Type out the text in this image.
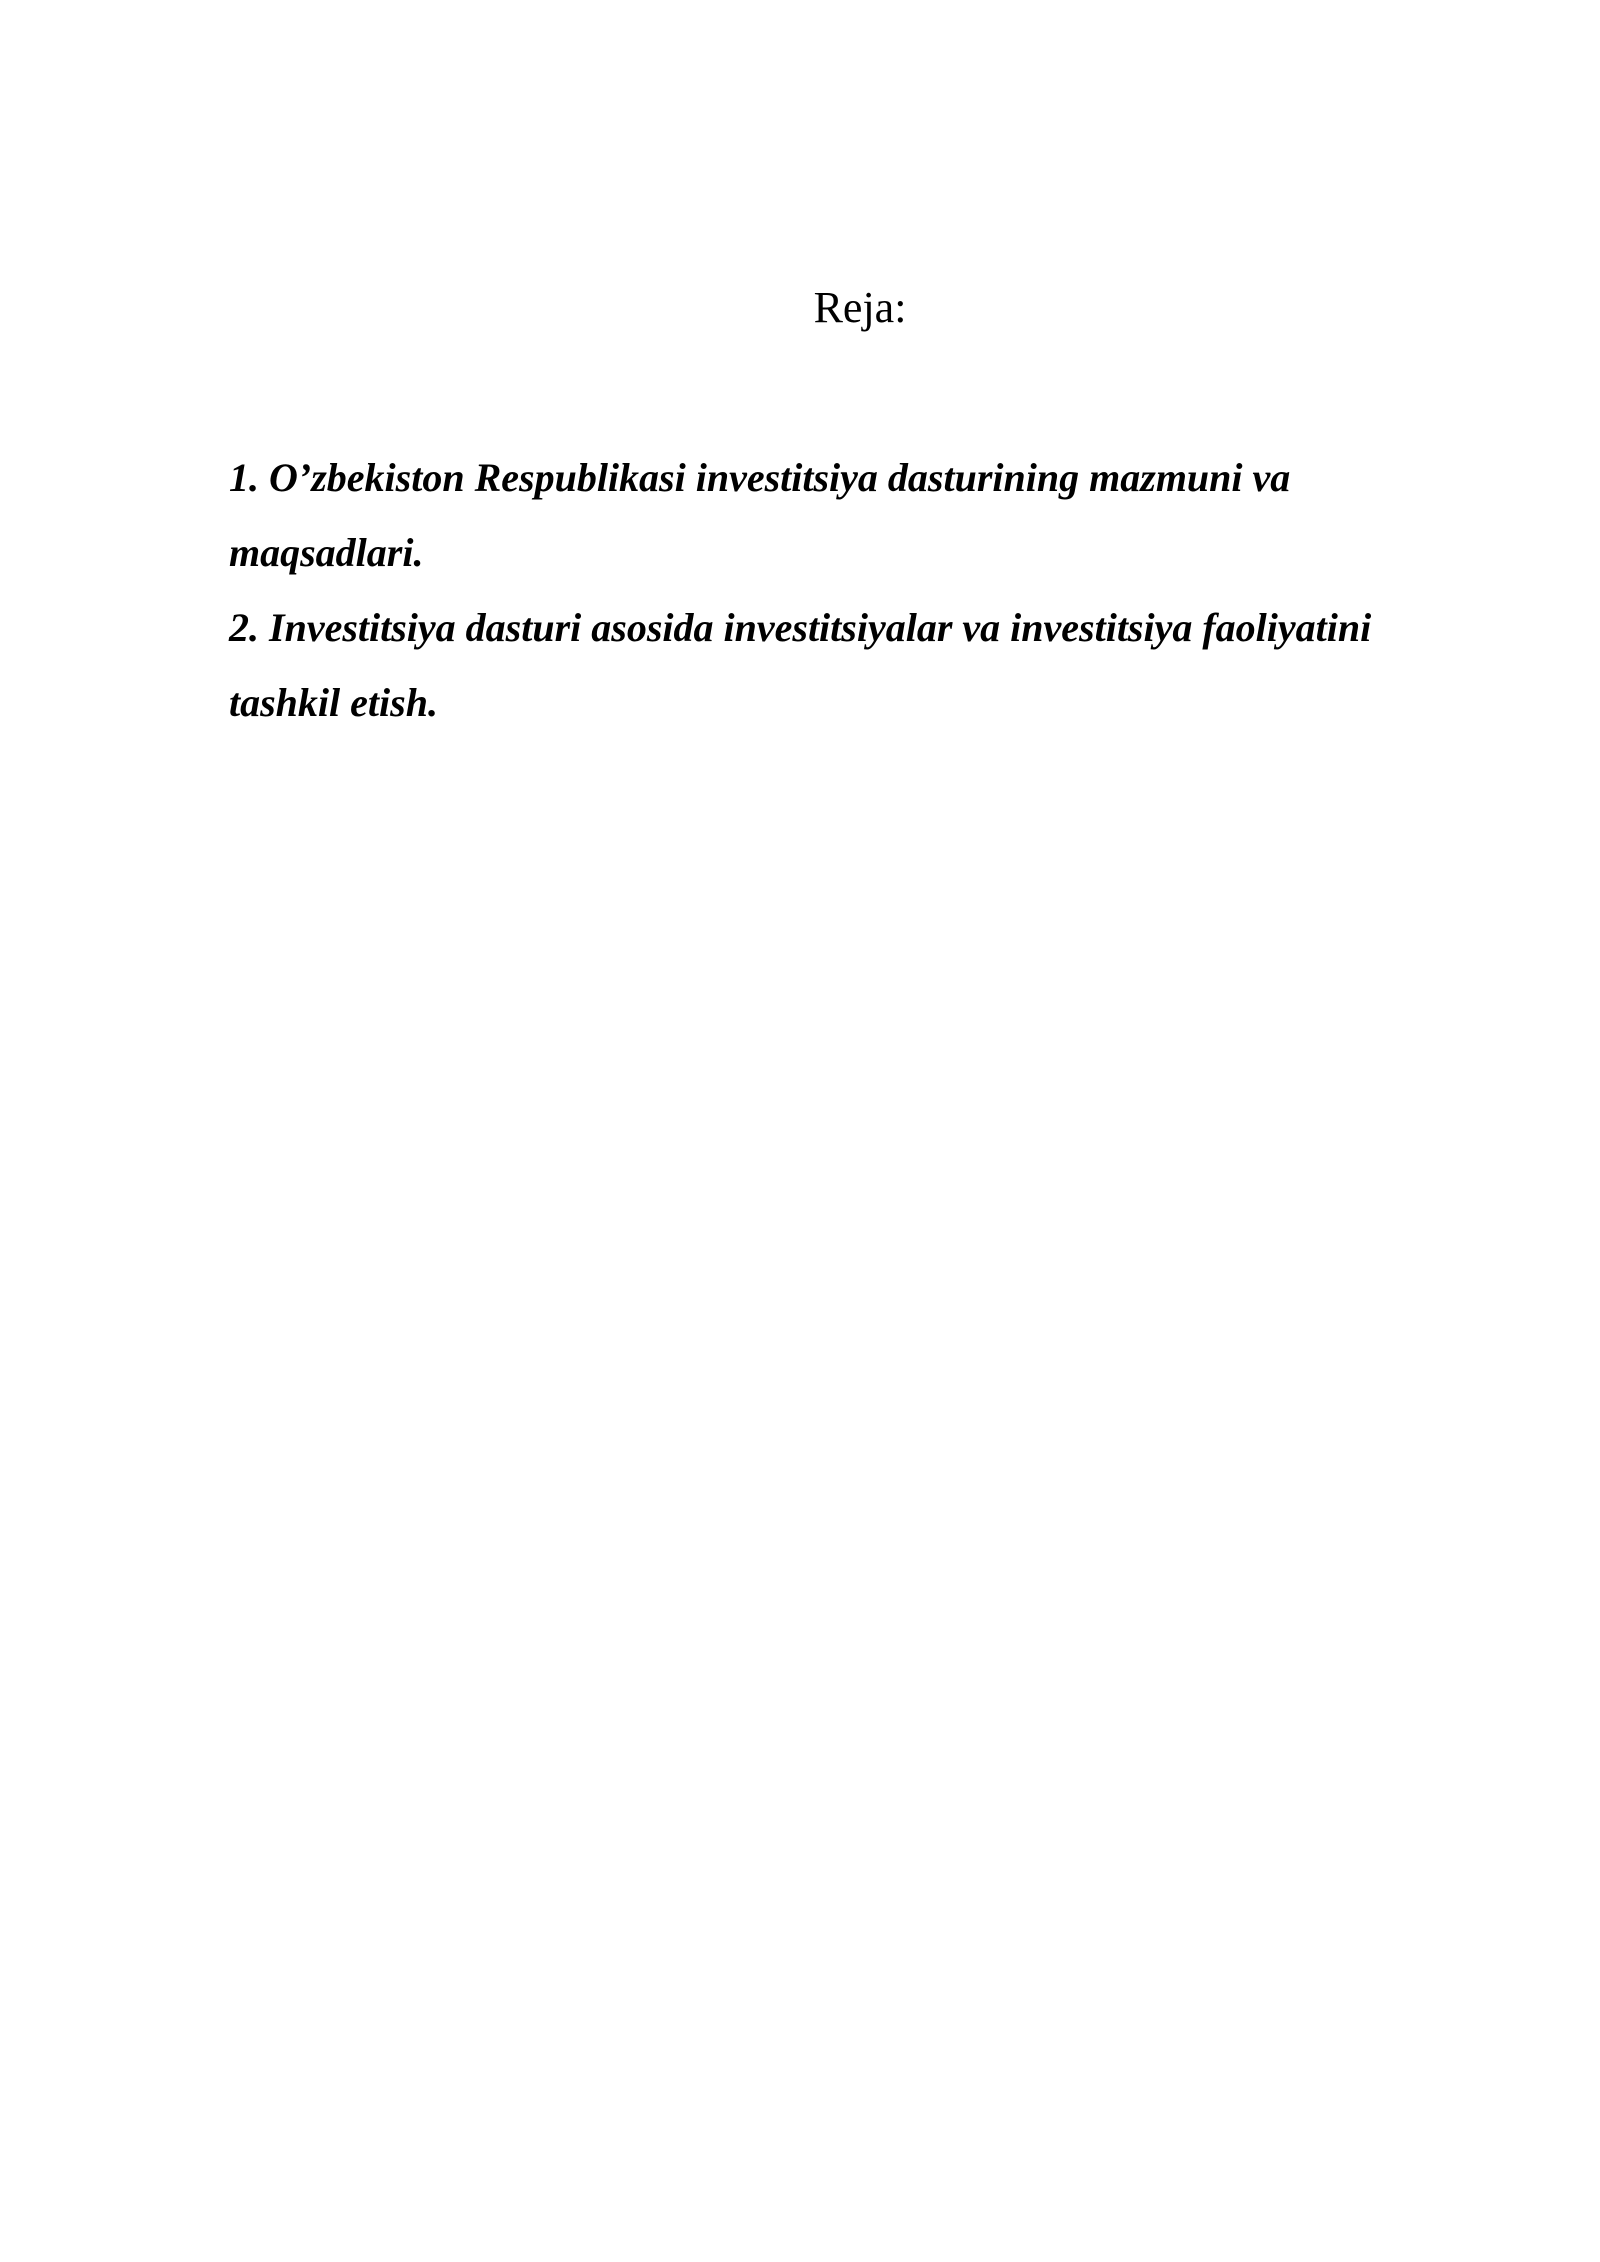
Reja:
1. O’zbekiston Respublikasi investitsiya dasturining mazmuni va maqsadlari.
2. Investitsiya dasturi asosida investitsiyalar va investitsiya faoliyatini tashkil etish.
